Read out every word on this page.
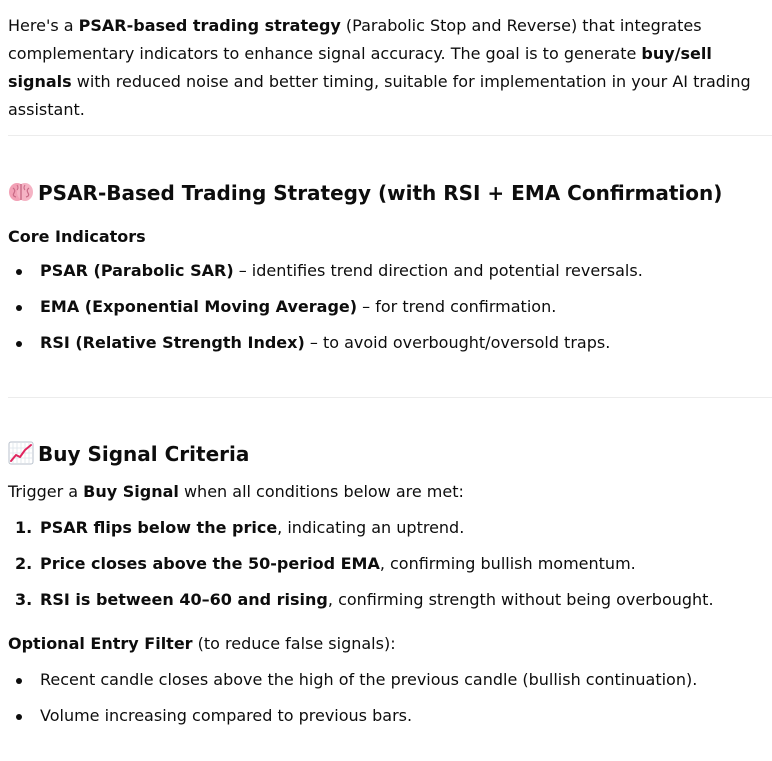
Here's a PSAR-based trading strategy (Parabolic Stop and Reverse) that integrates complementary indicators to enhance signal accuracy. The goal is to generate buy/sell signals with reduced noise and better timing, suitable for implementation in your AI trading assistant.

PSAR-Based Trading Strategy (with RSI + EMA Confirmation)

Core Indicators

PSAR (Parabolic SAR) – identifies trend direction and potential reversals.
EMA (Exponential Moving Average) – for trend confirmation.
RSI (Relative Strength Index) – to avoid overbought/oversold traps.
Buy Signal Criteria

Trigger a Buy Signal when all conditions below are met:

1. PSAR flips below the price, indicating an uptrend.
2. Price closes above the 50-period EMA, confirming bullish momentum.
3. RSI is between 40–60 and rising, confirming strength without being overbought.

Optional Entry Filter (to reduce false signals):

Recent candle closes above the high of the previous candle (bullish continuation).
Volume increasing compared to previous bars.
